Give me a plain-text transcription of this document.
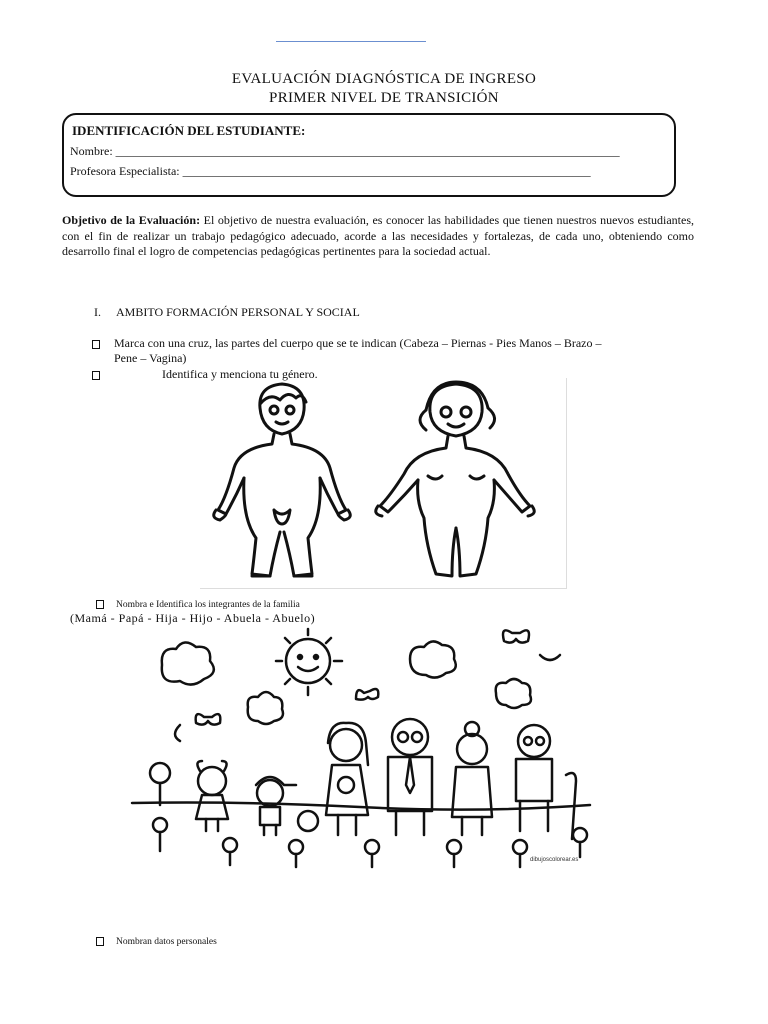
EVALUACIÓN DIAGNÓSTICA DE INGRESO
PRIMER NIVEL DE TRANSICIÓN
IDENTIFICACIÓN DEL ESTUDIANTE:
Nombre: ____________________________________________________________________________________
Profesora Especialista: ____________________________________________________________________
Objetivo de la Evaluación: El objetivo de nuestra evaluación, es conocer las habilidades que tienen nuestros nuevos estudiantes, con el fin de realizar un trabajo pedagógico adecuado, acorde a las necesidades y fortalezas, de cada uno, obteniendo como desarrollo final el logro de competencias pedagógicas pertinentes para la sociedad actual.
I. AMBITO FORMACIÓN PERSONAL Y SOCIAL
Marca con una cruz, las partes del cuerpo que se te indican (Cabeza – Piernas - Pies Manos – Brazo –
Pene – Vagina)
Identifica y menciona tu género.
Nombra e Identifica los integrantes de la familia
(Mamá - Papá - Hija - Hijo - Abuela - Abuelo)
dibujoscolorear.es
Nombran datos personales
